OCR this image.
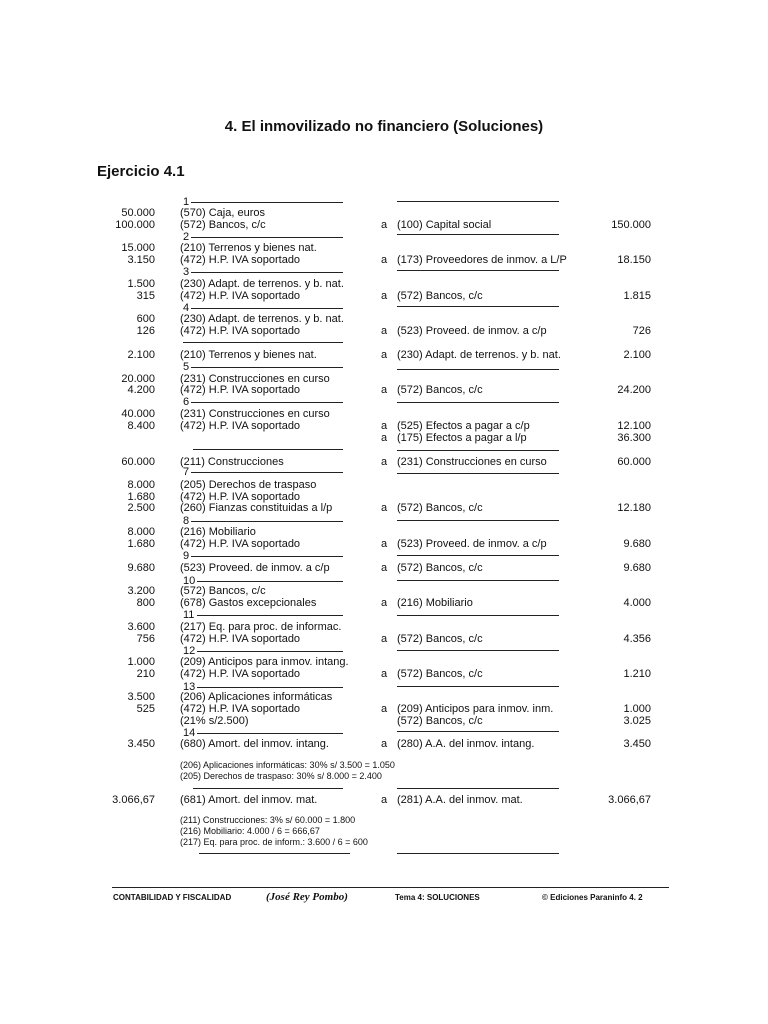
4. El inmovilizado no financiero (Soluciones)
Ejercicio 4.1
1
50.000 (570) Caja, euros
100.000 (572) Bancos, c/c	a (100) Capital social	150.000
2
15.000 (210) Terrenos y bienes nat.
3.150 (472) H.P. IVA soportado	a (173) Proveedores de inmov. a L/P	18.150
3
1.500 (230) Adapt. de terrenos. y b. nat.
315 (472) H.P. IVA soportado	a (572) Bancos, c/c	1.815
4
600 (230) Adapt. de terrenos. y b. nat.
126 (472) H.P. IVA soportado	a (523) Proveed. de inmov. a c/p	726
2.100 (210) Terrenos y bienes nat.	a (230) Adapt. de terrenos. y b. nat.	2.100
5
20.000 (231) Construcciones en curso
4.200 (472) H.P. IVA soportado	a (572) Bancos, c/c	24.200
6
40.000 (231) Construcciones en curso
8.400 (472) H.P. IVA soportado	a (525) Efectos a pagar a c/p	12.100
a (175) Efectos a pagar a l/p	36.300
60.000 (211) Construcciones	a (231) Construcciones en curso	60.000
7
8.000 (205) Derechos de traspaso
1.680 (472) H.P. IVA soportado
2.500 (260) Fianzas constituidas a l/p	a (572) Bancos, c/c	12.180
8
8.000 (216) Mobiliario
1.680 (472) H.P. IVA soportado	a (523) Proveed. de inmov. a c/p	9.680
9
9.680 (523) Proveed. de inmov. a c/p	a (572) Bancos, c/c	9.680
10
3.200 (572) Bancos, c/c
800 (678) Gastos excepcionales	a (216) Mobiliario	4.000
11
3.600 (217) Eq. para proc. de informac.
756 (472) H.P. IVA soportado	a (572) Bancos, c/c	4.356
12
1.000 (209) Anticipos para inmov. intang.
210 (472) H.P. IVA soportado	a (572) Bancos, c/c	1.210
13
3.500 (206) Aplicaciones informáticas
525 (472) H.P. IVA soportado	a (209) Anticipos para inmov. inm.	1.000
(21% s/2.500)	(572) Bancos, c/c	3.025
14
3.450 (680) Amort. del inmov. intang.	a (280) A.A. del inmov. intang.	3.450
(206) Aplicaciones informáticas: 30% s/ 3.500 = 1.050
(205) Derechos de traspaso: 30% s/ 8.000 = 2.400
3.066,67 (681) Amort. del inmov. mat.	a (281) A.A. del inmov. mat.	3.066,67
(211) Construcciones: 3% s/ 60.000 = 1.800
(216) Mobiliario: 4.000 / 6 = 666,67
(217) Eq. para proc. de inform.: 3.600 / 6 = 600
CONTABILIDAD Y FISCALIDAD	(José Rey Pombo)	Tema 4: SOLUCIONES	© Ediciones Paraninfo 4. 2
